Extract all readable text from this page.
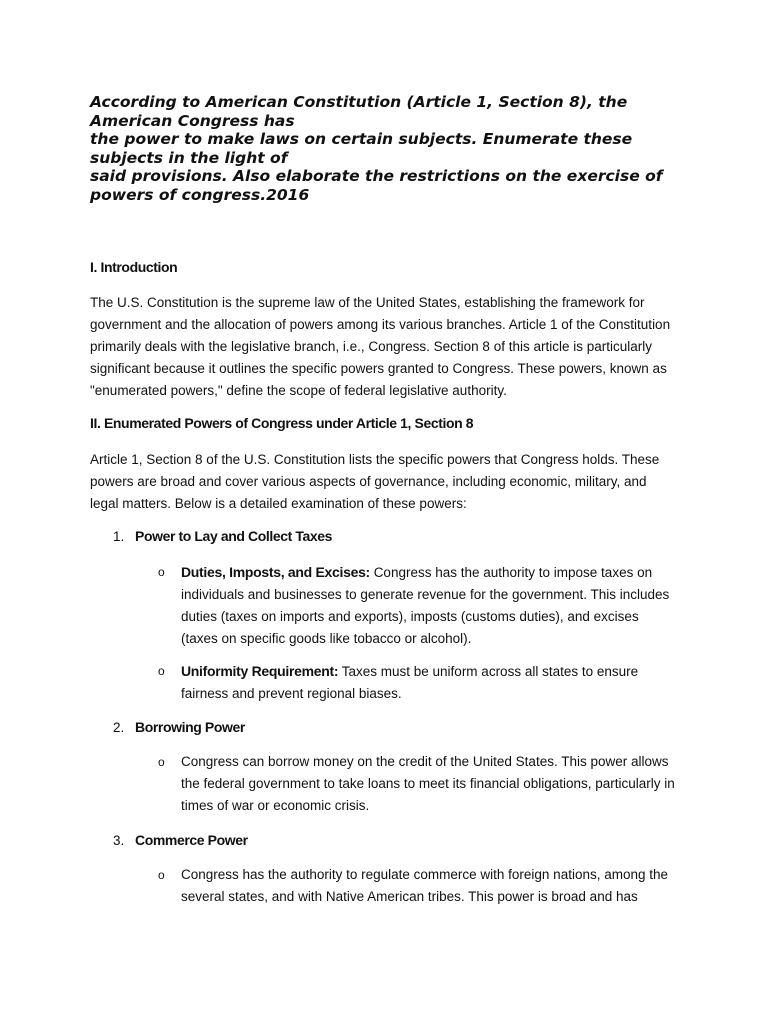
According to American Constitution (Article 1, Section 8), the
American Congress has
the power to make laws on certain subjects. Enumerate these
subjects in the light of
said provisions. Also elaborate the restrictions on the exercise of
powers of congress.2016
I. Introduction
The U.S. Constitution is the supreme law of the United States, establishing the framework for government and the allocation of powers among its various branches. Article 1 of the Constitution primarily deals with the legislative branch, i.e., Congress. Section 8 of this article is particularly significant because it outlines the specific powers granted to Congress. These powers, known as "enumerated powers," define the scope of federal legislative authority.
II. Enumerated Powers of Congress under Article 1, Section 8
Article 1, Section 8 of the U.S. Constitution lists the specific powers that Congress holds. These powers are broad and cover various aspects of governance, including economic, military, and legal matters. Below is a detailed examination of these powers:
1. Power to Lay and Collect Taxes
o Duties, Imposts, and Excises: Congress has the authority to impose taxes on individuals and businesses to generate revenue for the government. This includes duties (taxes on imports and exports), imposts (customs duties), and excises (taxes on specific goods like tobacco or alcohol).
o Uniformity Requirement: Taxes must be uniform across all states to ensure fairness and prevent regional biases.
2. Borrowing Power
o Congress can borrow money on the credit of the United States. This power allows the federal government to take loans to meet its financial obligations, particularly in times of war or economic crisis.
3. Commerce Power
o Congress has the authority to regulate commerce with foreign nations, among the several states, and with Native American tribes. This power is broad and has
